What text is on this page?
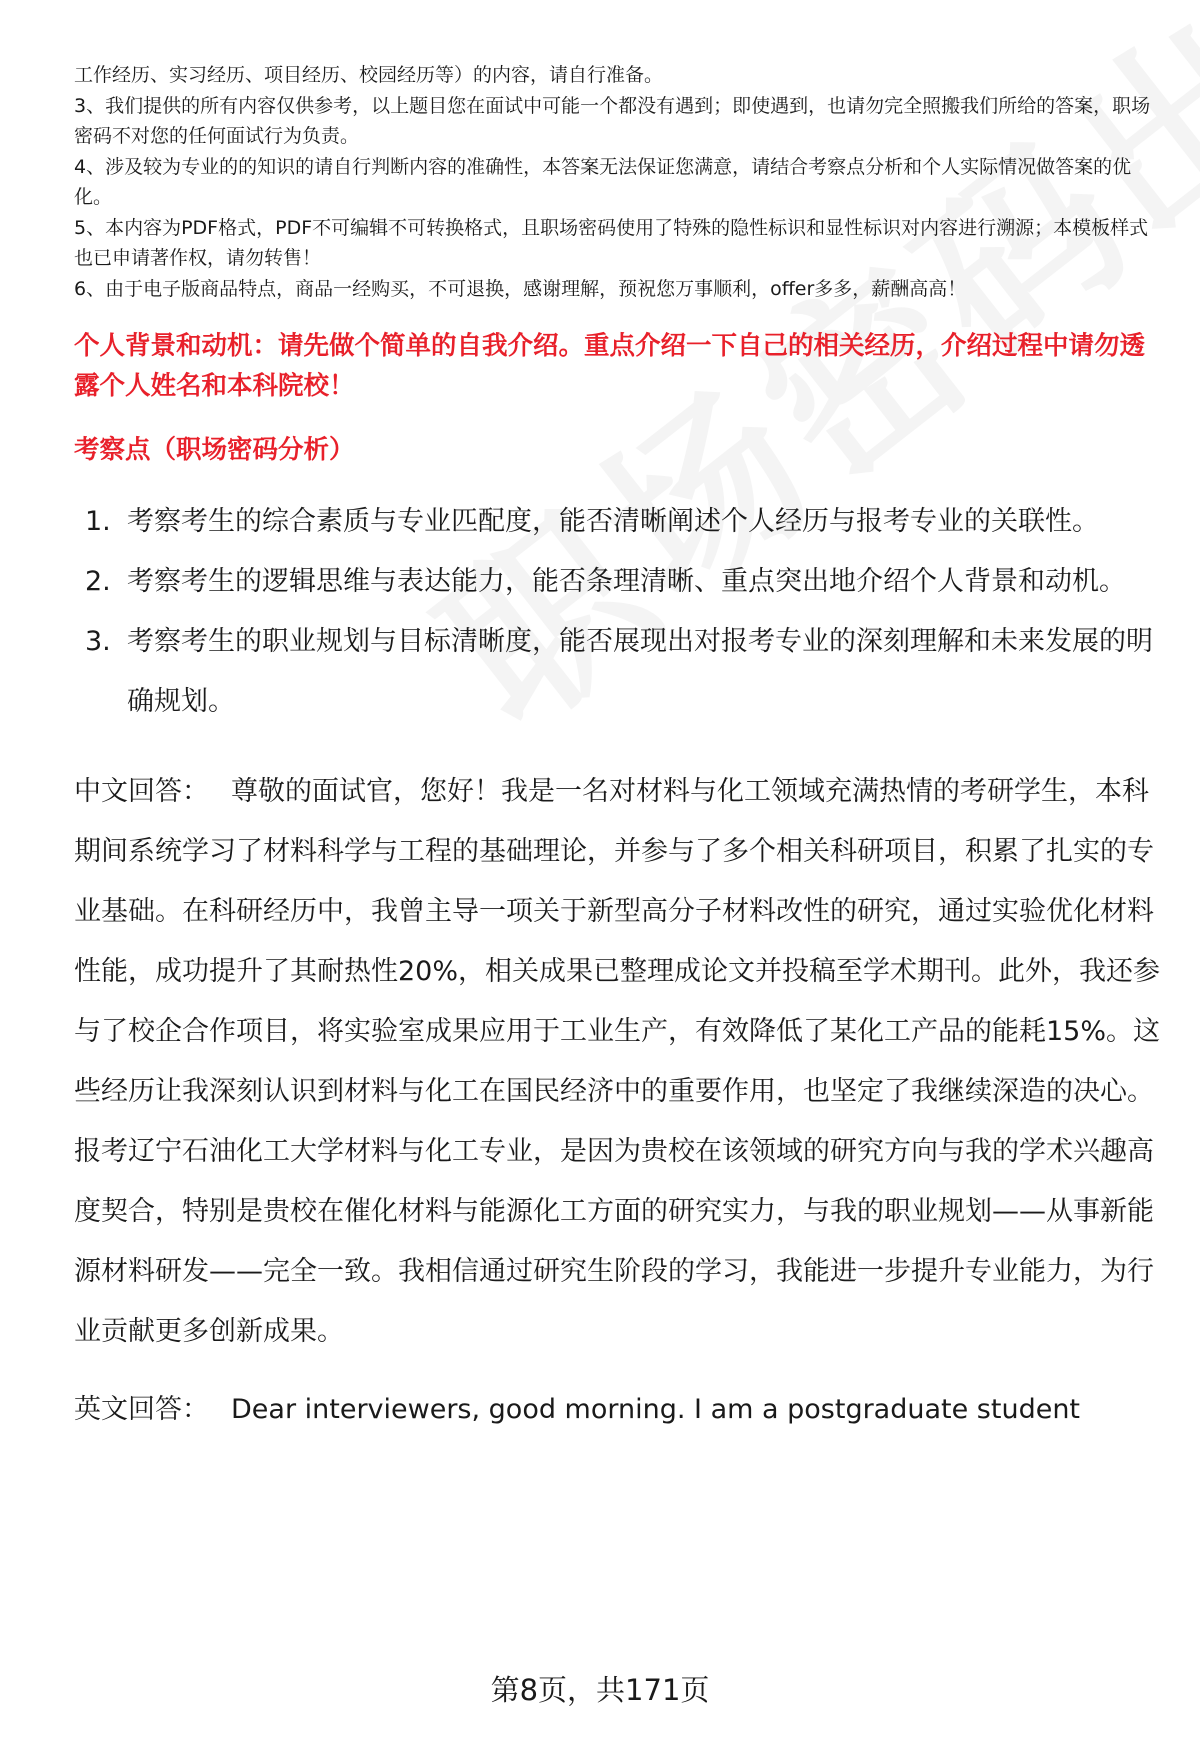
工作经历、实习经历、项目经历、校园经历等）的内容，请自行准备。

3、我们提供的所有内容仅供参考，以上题目您在面试中可能一个都没有遇到；即使遇到，也请勿完全照搬我们所给的答案，职场密码不对您的任何面试行为负责。

4、涉及较为专业的的知识的请自行判断内容的准确性，本答案无法保证您满意，请结合考察点分析和个人实际情况做答案的优化。

5、本内容为PDF格式，PDF不可编辑不可转换格式，且职场密码使用了特殊的隐性标识和显性标识对内容进行溯源；本模板样式也已申请著作权，请勿转售！

6、由于电子版商品特点，商品一经购买，不可退换，感谢理解，预祝您万事顺利，offer多多，薪酬高高！

个人背景和动机：请先做个简单的自我介绍。重点介绍一下自己的相关经历，介绍过程中请勿透露个人姓名和本科院校！
考察点（职场密码分析）
1. 考察考生的综合素质与专业匹配度，能否清晰阐述个人经历与报考专业的关联性。
2. 考察考生的逻辑思维与表达能力，能否条理清晰、重点突出地介绍个人背景和动机。
3. 考察考生的职业规划与目标清晰度，能否展现出对报考专业的深刻理解和未来发展的明确规划。

中文回答： 尊敬的面试官，您好！我是一名对材料与化工领域充满热情的考研学生，本科期间系统学习了材料科学与工程的基础理论，并参与了多个相关科研项目，积累了扎实的专业基础。在科研经历中，我曾主导一项关于新型高分子材料改性的研究，通过实验优化材料性能，成功提升了其耐热性20%，相关成果已整理成论文并投稿至学术期刊。此外，我还参与了校企合作项目，将实验室成果应用于工业生产，有效降低了某化工产品的能耗15%。这些经历让我深刻认识到材料与化工在国民经济中的重要作用，也坚定了我继续深造的决心。报考辽宁石油化工大学材料与化工专业，是因为贵校在该领域的研究方向与我的学术兴趣高度契合，特别是贵校在催化材料与能源化工方面的研究实力，与我的职业规划——从事新能源材料研发——完全一致。我相信通过研究生阶段的学习，我能进一步提升专业能力，为行业贡献更多创新成果。

英文回答： Dear interviewers, good morning. I am a postgraduate student

第8页，共171页
